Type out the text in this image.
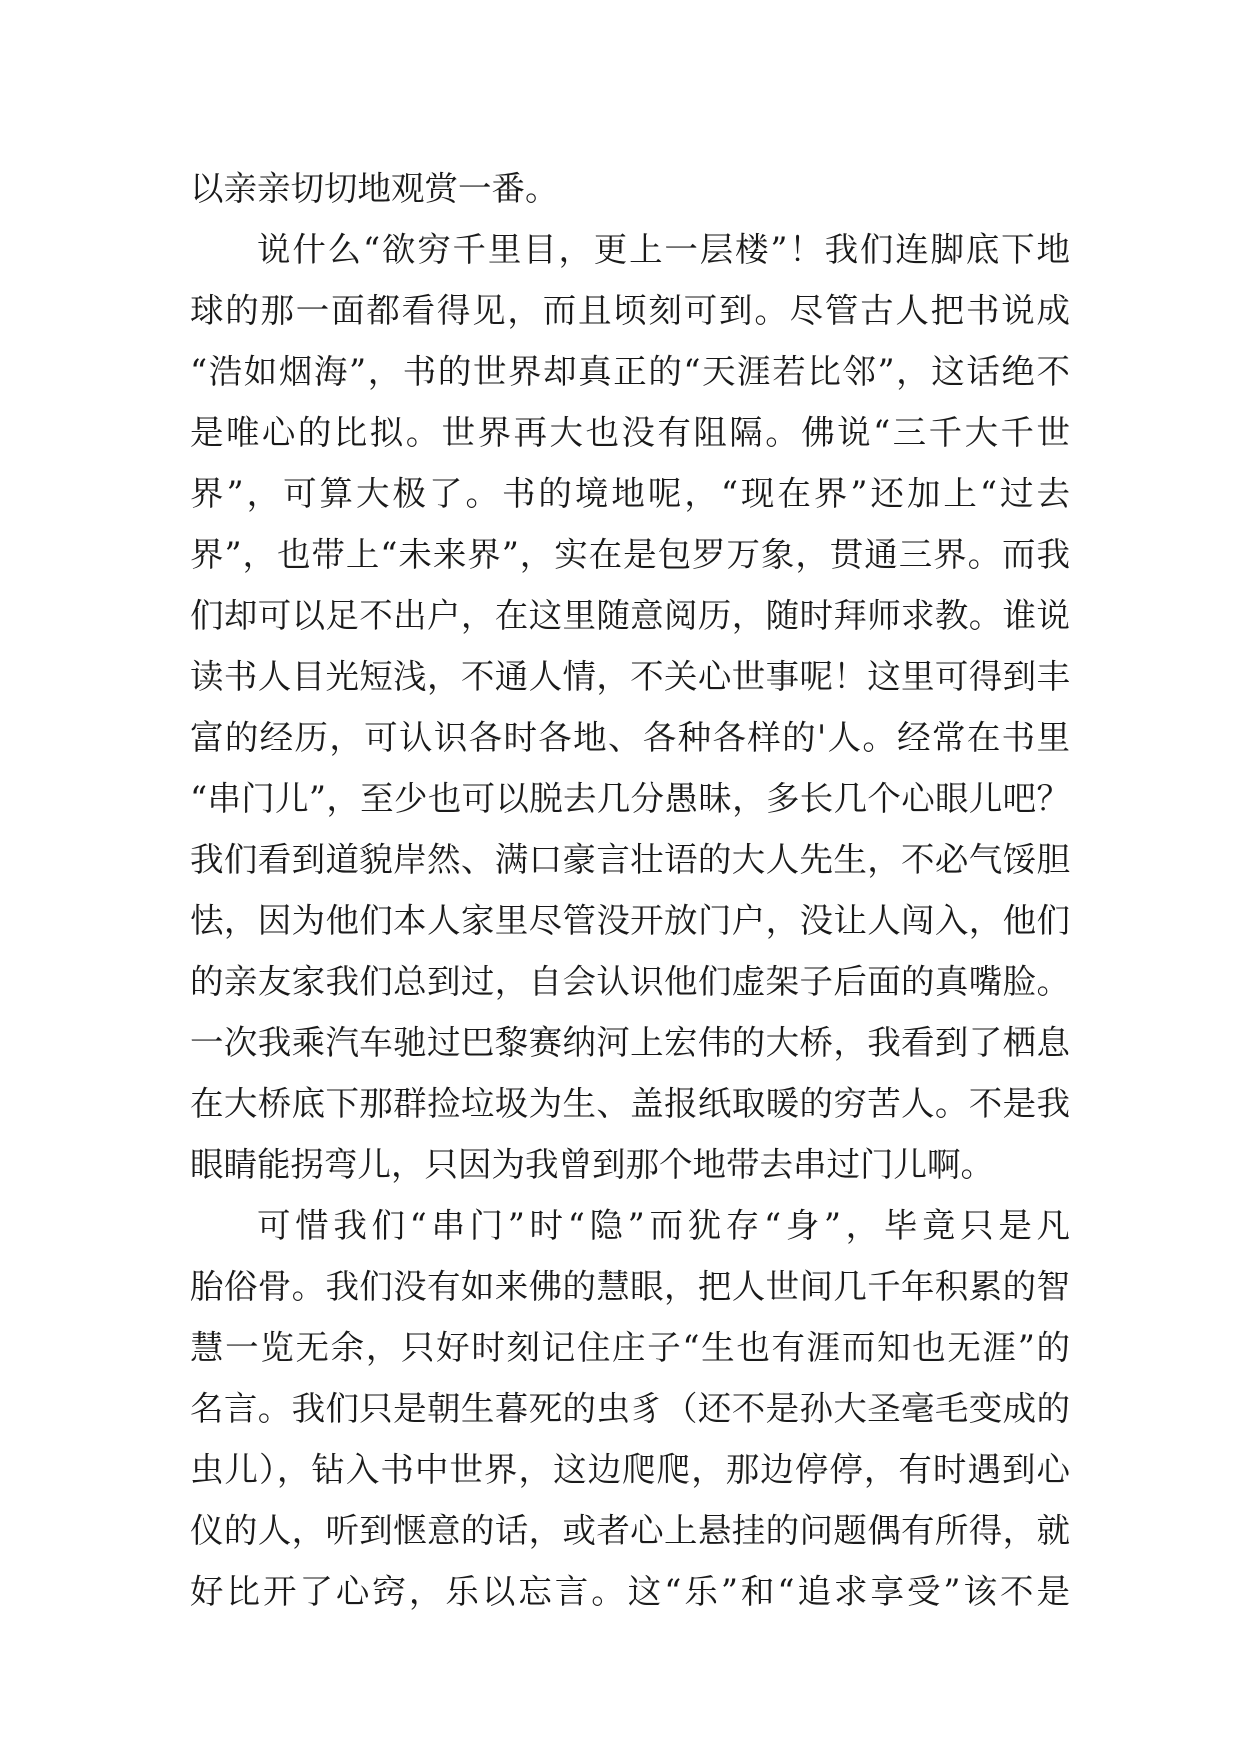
以亲亲切切地观赏一番。
说什么“欲穷千里目，更上一层楼”！我们连脚底下地
球的那一面都看得见，而且顷刻可到。尽管古人把书说成
“浩如烟海”，书的世界却真正的“天涯若比邻”，这话绝不
是唯心的比拟。世界再大也没有阻隔。佛说“三千大千世
界”，可算大极了。书的境地呢，“现在界”还加上“过去
界”，也带上“未来界”，实在是包罗万象，贯通三界。而我
们却可以足不出户，在这里随意阅历，随时拜师求教。谁说
读书人目光短浅，不通人情，不关心世事呢！这里可得到丰
富的经历，可认识各时各地、各种各样的'人。经常在书里
“串门儿”，至少也可以脱去几分愚昧，多长几个心眼儿吧？
我们看到道貌岸然、满口豪言壮语的大人先生，不必气馁胆
怯，因为他们本人家里尽管没开放门户，没让人闯入，他们
的亲友家我们总到过，自会认识他们虚架子后面的真嘴脸。
一次我乘汽车驰过巴黎赛纳河上宏伟的大桥，我看到了栖息
在大桥底下那群捡垃圾为生、盖报纸取暖的穷苦人。不是我
眼睛能拐弯儿，只因为我曾到那个地带去串过门儿啊。
可惜我们“串门”时“隐”而犹存“身”，毕竟只是凡
胎俗骨。我们没有如来佛的慧眼，把人世间几千年积累的智
慧一览无余，只好时刻记住庄子“生也有涯而知也无涯”的
名言。我们只是朝生暮死的虫豸（还不是孙大圣毫毛变成的
虫儿），钻入书中世界，这边爬爬，那边停停，有时遇到心
仪的人，听到惬意的话，或者心上悬挂的问题偶有所得，就
好比开了心窍，乐以忘言。这“乐”和“追求享受”该不是
